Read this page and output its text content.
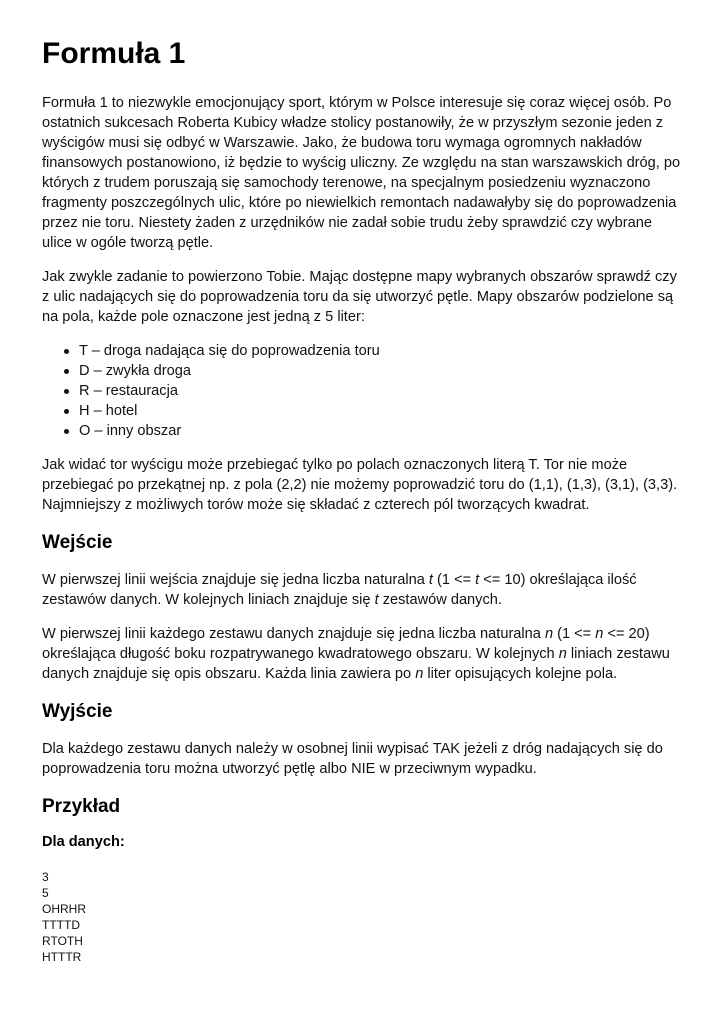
Formuła 1

Formuła 1 to niezwykle emocjonujący sport, którym w Polsce interesuje się coraz więcej osób. Po ostatnich sukcesach Roberta Kubicy władze stolicy postanowiły, że w przyszłym sezonie jeden z wyścigów musi się odbyć w Warszawie. Jako, że budowa toru wymaga ogromnych nakładów finansowych postanowiono, iż będzie to wyścig uliczny. Ze względu na stan warszawskich dróg, po których z trudem poruszają się samochody terenowe, na specjalnym posiedzeniu wyznaczono fragmenty poszczególnych ulic, które po niewielkich remontach nadawałyby się do poprowadzenia przez nie toru. Niestety żaden z urzędników nie zadał sobie trudu żeby sprawdzić czy wybrane ulice w ogóle tworzą pętle.

Jak zwykle zadanie to powierzono Tobie. Mając dostępne mapy wybranych obszarów sprawdź czy z ulic nadających się do poprowadzenia toru da się utworzyć pętle. Mapy obszarów podzielone są na pola, każde pole oznaczone jest jedną z 5 liter:

T – droga nadająca się do poprowadzenia toru
D – zwykła droga
R – restauracja
H – hotel
O – inny obszar

Jak widać tor wyścigu może przebiegać tylko po polach oznaczonych literą T. Tor nie może przebiegać po przekątnej np. z pola (2,2) nie możemy poprowadzić toru do (1,1), (1,3), (3,1), (3,3). Najmniejszy z możliwych torów może się składać z czterech pól tworzących kwadrat.

Wejście

W pierwszej linii wejścia znajduje się jedna liczba naturalna t (1 <= t <= 10) określająca ilość zestawów danych. W kolejnych liniach znajduje się t zestawów danych.

W pierwszej linii każdego zestawu danych znajduje się jedna liczba naturalna n (1 <= n <= 20) określająca długość boku rozpatrywanego kwadratowego obszaru. W kolejnych n liniach zestawu danych znajduje się opis obszaru. Każda linia zawiera po n liter opisujących kolejne pola.

Wyjście

Dla każdego zestawu danych należy w osobnej linii wypisać TAK jeżeli z dróg nadających się do poprowadzenia toru można utworzyć pętlę albo NIE w przeciwnym wypadku.

Przykład
Dla danych:
3
5
OHRHR
TTTTD
RTOTH
HTTTR
